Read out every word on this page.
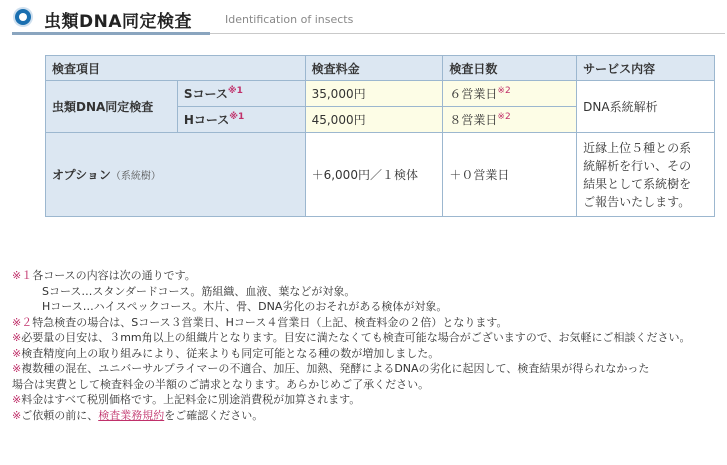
虫類DNA同定検査	Identification of insects
検査項目		検査料金	検査日数	サービス内容
虫類DNA同定検査	Sコース$^{※1}$	35,000円	６営業日$^{※2}$	DNA系統解析
	Hコース$^{※1}$	45,000円	８営業日$^{※2}$
オプション（系統樹）		＋6,000円／１検体	＋０営業日	近縁上位５種との系
統解析を行い、その
結果として系統樹を
ご報告いたします。
※１各コースの内容は次の通りです。
Sコース…スタンダードコース。筋組織、血液、葉などが対象。
Hコース…ハイスペックコース。木片、骨、DNA劣化のおそれがある検体が対象。
※２特急検査の場合は、Sコース３営業日、Hコース４営業日（上記、検査料金の２倍）となります。
※必要量の目安は、３mm角以上の組織片となります。目安に満たなくても検査可能な場合がございますので、お気軽にご相談ください。
※検査精度向上の取り組みにより、従来よりも同定可能となる種の数が増加しました。
※複数種の混在、ユニバーサルプライマーの不適合、加圧、加熱、発酵によるDNAの劣化に起因して、検査結果が得られなかった
場合は実費として検査料金の半額のご請求となります。あらかじめご了承ください。
※料金はすべて税別価格です。上記料金に別途消費税が加算されます。
※ご依頼の前に、検査業務規約をご確認ください。
